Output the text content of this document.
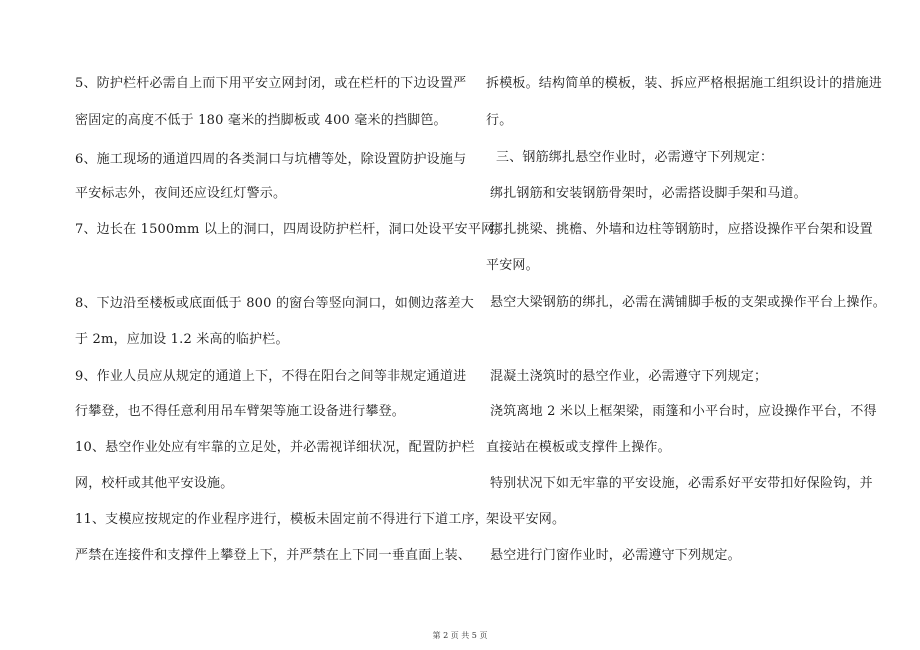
5、防护栏杆必需自上而下用平安立网封闭，或在栏杆的下边设置严
密固定的高度不低于 180 毫米的挡脚板或 400 毫米的挡脚笆。
6、施工现场的通道四周的各类洞口与坑槽等处，除设置防护设施与
平安标志外，夜间还应设红灯警示。
7、边长在 1500mm 以上的洞口，四周设防护栏杆，洞口处设平安平网。
8、下边沿至楼板或底面低于 800 的窗台等竖向洞口，如侧边落差大
于 2m，应加设 1.2 米高的临护栏。
9、作业人员应从规定的通道上下，不得在阳台之间等非规定通道进
行攀登，也不得任意利用吊车臂架等施工设备进行攀登。
10、悬空作业处应有牢靠的立足处，并必需视详细状况，配置防护栏
网，校杆或其他平安设施。
11、支模应按规定的作业程序进行，模板未固定前不得进行下道工序，
严禁在连接件和支撑件上攀登上下，并严禁在上下同一垂直面上装、
拆模板。结构简单的模板，装、拆应严格根据施工组织设计的措施进
行。
三、钢筋绑扎悬空作业时，必需遵守下列规定：
绑扎钢筋和安装钢筋骨架时，必需搭设脚手架和马道。
绑扎挑梁、挑檐、外墙和边柱等钢筋时，应搭设操作平台架和设置
平安网。
悬空大梁钢筋的绑扎，必需在满铺脚手板的支架或操作平台上操作。
混凝土浇筑时的悬空作业，必需遵守下列规定；
浇筑离地 2 米以上框架梁，雨篷和小平台时，应设操作平台，不得
直接站在模板或支撑件上操作。
特别状况下如无牢靠的平安设施，必需系好平安带扣好保险钩，并
架设平安网。
悬空进行门窗作业时，必需遵守下列规定。
第 2 页 共 5 页
